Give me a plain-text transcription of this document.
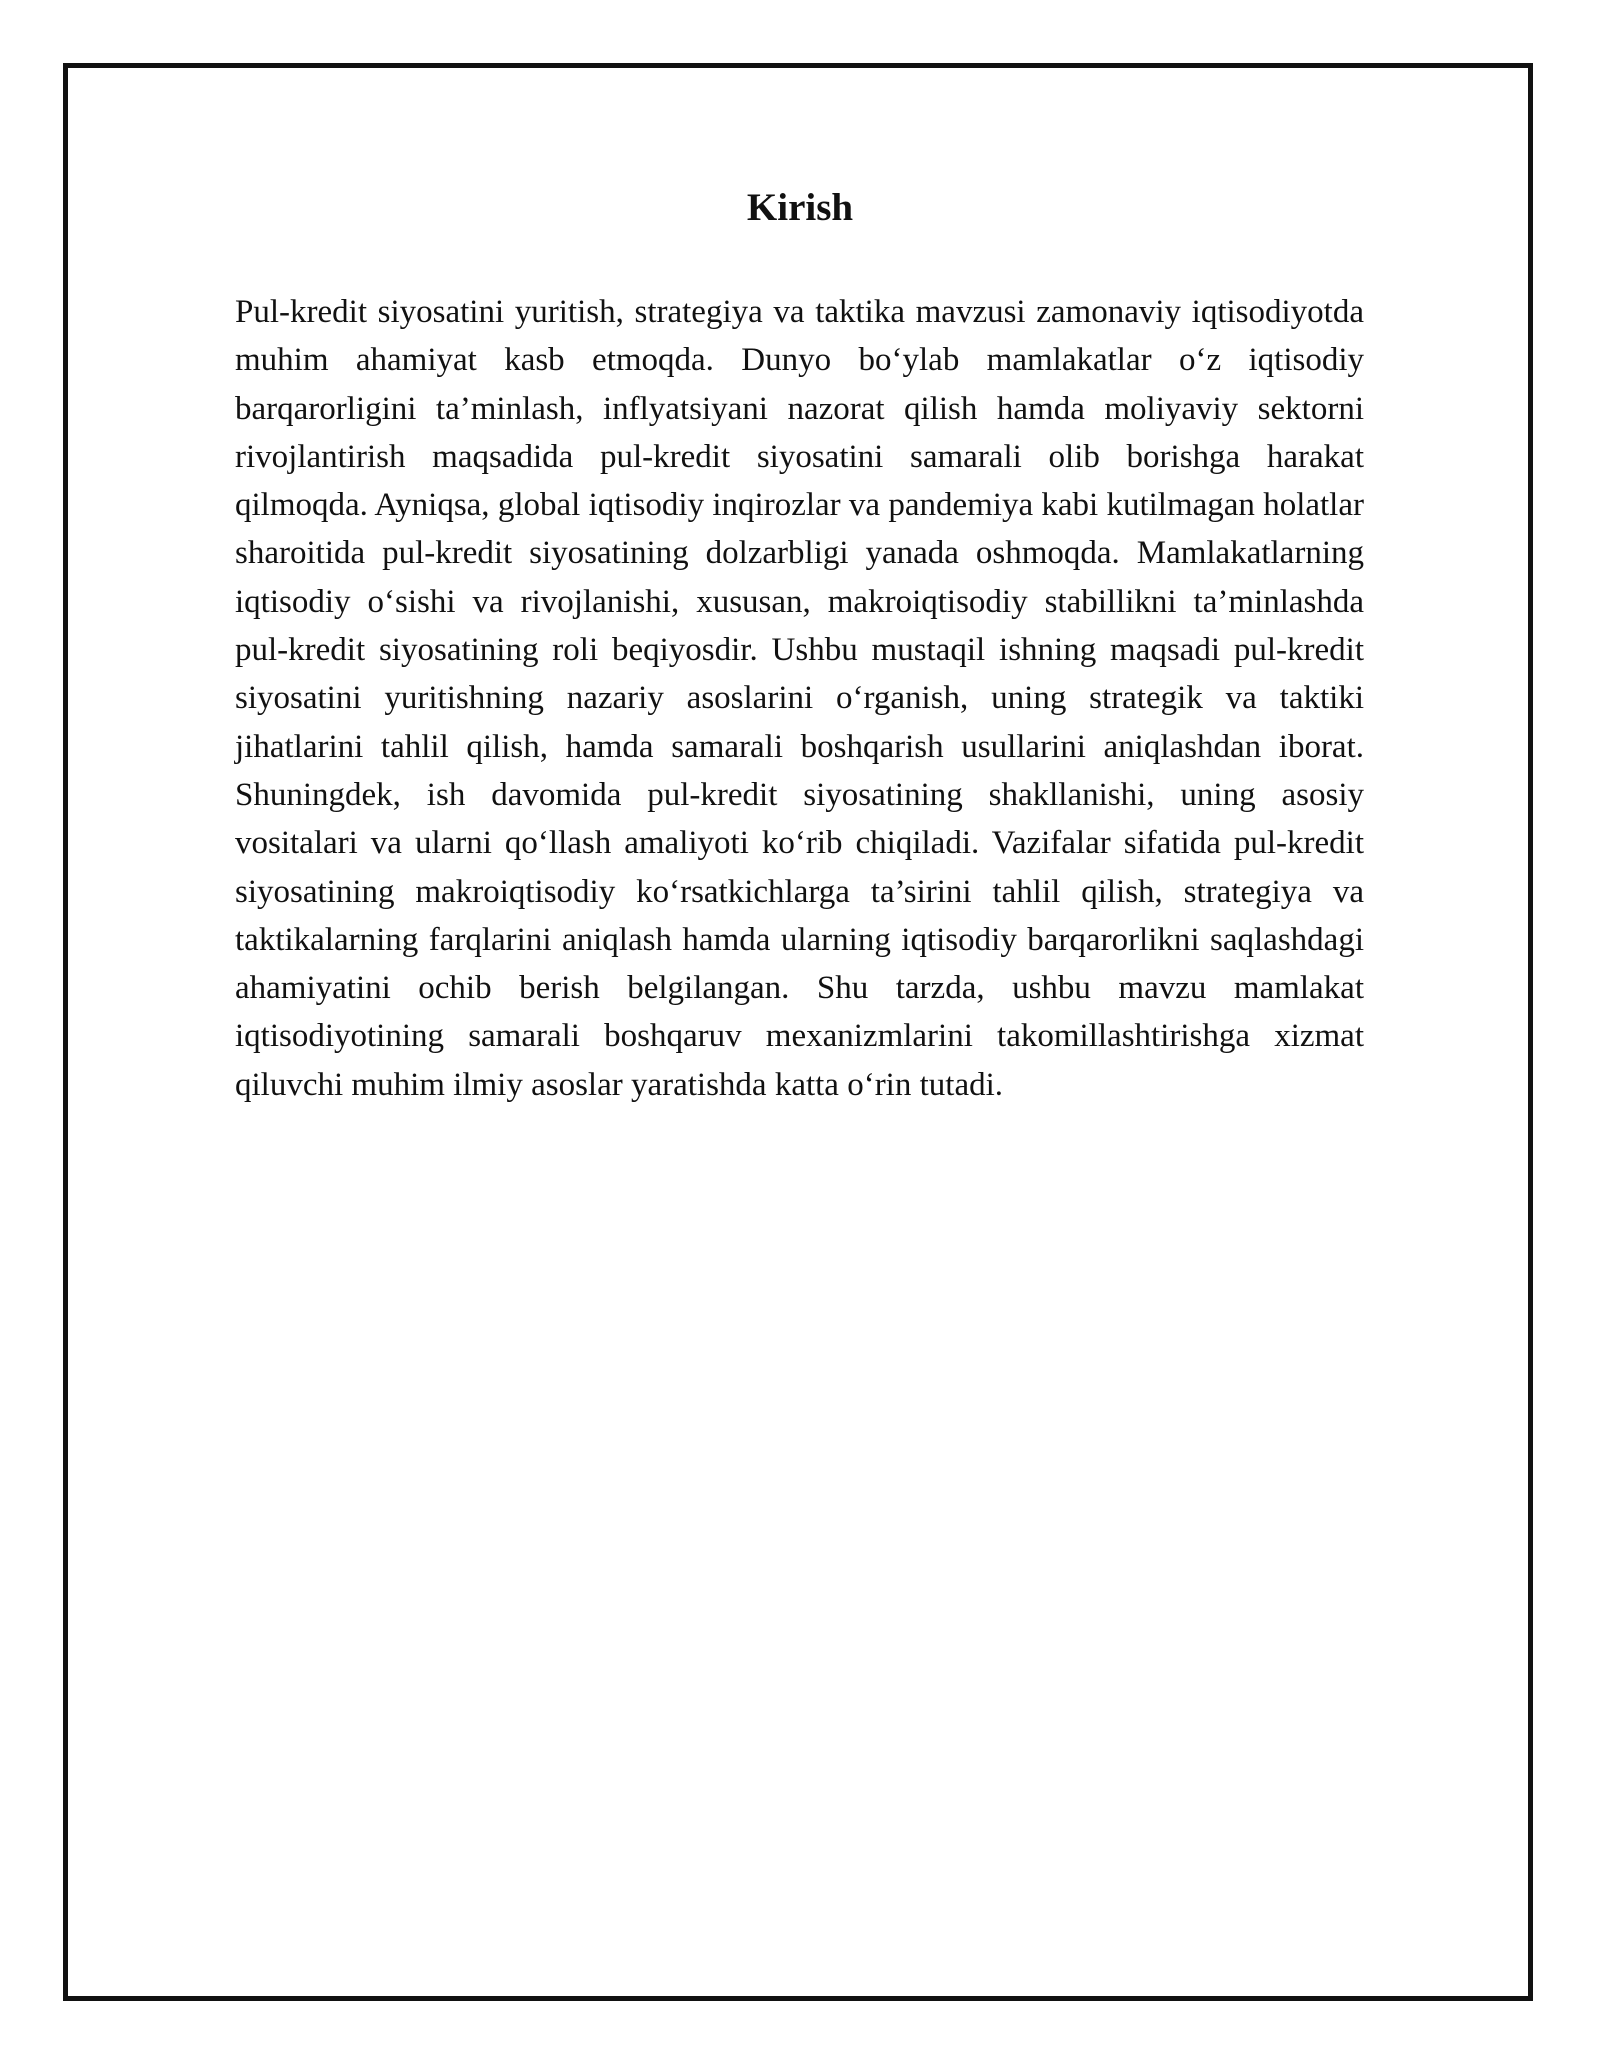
Kirish

Pul-kredit siyosatini yuritish, strategiya va taktika mavzusi zamonaviy iqtisodiyotda muhim ahamiyat kasb etmoqda. Dunyo bo‘ylab mamlakatlar o‘z iqtisodiy barqarorligini ta’minlash, inflyatsiyani nazorat qilish hamda moliyaviy sektorni rivojlantirish maqsadida pul-kredit siyosatini samarali olib borishga harakat qilmoqda. Ayniqsa, global iqtisodiy inqirozlar va pandemiya kabi kutilmagan holatlar sharoitida pul-kredit siyosatining dolzarbligi yanada oshmoqda. Mamlakatlarning iqtisodiy o‘sishi va rivojlanishi, xususan, makroiqtisodiy stabillikni ta’minlashda pul-kredit siyosatining roli beqiyosdir. Ushbu mustaqil ishning maqsadi pul-kredit siyosatini yuritishning nazariy asoslarini o‘rganish, uning strategik va taktiki jihatlarini tahlil qilish, hamda samarali boshqarish usullarini aniqlashdan iborat. Shuningdek, ish davomida pul-kredit siyosatining shakllanishi, uning asosiy vositalari va ularni qo‘llash amaliyoti ko‘rib chiqiladi. Vazifalar sifatida pul-kredit siyosatining makroiqtisodiy ko‘rsatkichlarga ta’sirini tahlil qilish, strategiya va taktikalarning farqlarini aniqlash hamda ularning iqtisodiy barqarorlikni saqlashdagi ahamiyatini ochib berish belgilangan. Shu tarzda, ushbu mavzu mamlakat iqtisodiyotining samarali boshqaruv mexanizmlarini takomillashtirishga xizmat qiluvchi muhim ilmiy asoslar yaratishda katta o‘rin tutadi.
